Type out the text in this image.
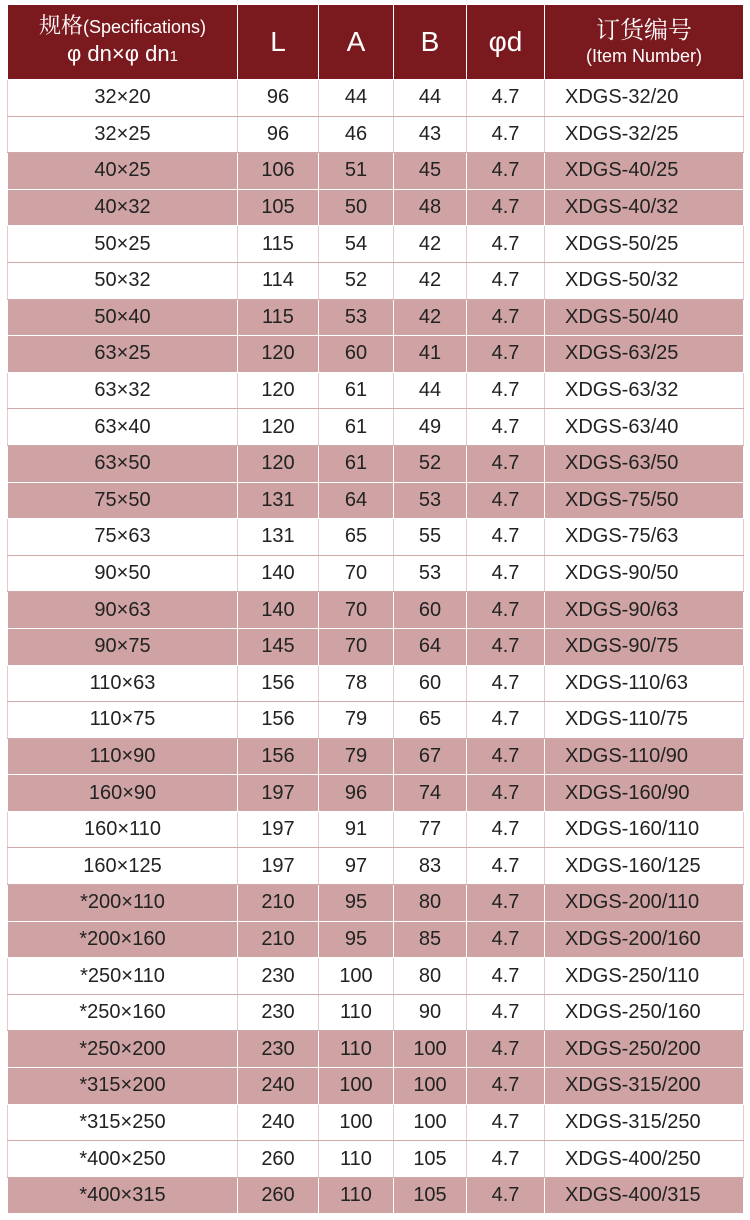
规格(Specifications)
φ dn×φ dn1	L	A	B	φd	订货编号
(Item Number)

32×20	96	44	44	4.7	XDGS-32/20
32×25	96	46	43	4.7	XDGS-32/25
40×25	106	51	45	4.7	XDGS-40/25
40×32	105	50	48	4.7	XDGS-40/32
50×25	115	54	42	4.7	XDGS-50/25
50×32	114	52	42	4.7	XDGS-50/32
50×40	115	53	42	4.7	XDGS-50/40
63×25	120	60	41	4.7	XDGS-63/25
63×32	120	61	44	4.7	XDGS-63/32
63×40	120	61	49	4.7	XDGS-63/40
63×50	120	61	52	4.7	XDGS-63/50
75×50	131	64	53	4.7	XDGS-75/50
75×63	131	65	55	4.7	XDGS-75/63
90×50	140	70	53	4.7	XDGS-90/50
90×63	140	70	60	4.7	XDGS-90/63
90×75	145	70	64	4.7	XDGS-90/75
110×63	156	78	60	4.7	XDGS-110/63
110×75	156	79	65	4.7	XDGS-110/75
110×90	156	79	67	4.7	XDGS-110/90
160×90	197	96	74	4.7	XDGS-160/90
160×110	197	91	77	4.7	XDGS-160/110
160×125	197	97	83	4.7	XDGS-160/125
*200×110	210	95	80	4.7	XDGS-200/110
*200×160	210	95	85	4.7	XDGS-200/160
*250×110	230	100	80	4.7	XDGS-250/110
*250×160	230	110	90	4.7	XDGS-250/160
*250×200	230	110	100	4.7	XDGS-250/200
*315×200	240	100	100	4.7	XDGS-315/200
*315×250	240	100	100	4.7	XDGS-315/250
*400×250	260	110	105	4.7	XDGS-400/250
*400×315	260	110	105	4.7	XDGS-400/315
